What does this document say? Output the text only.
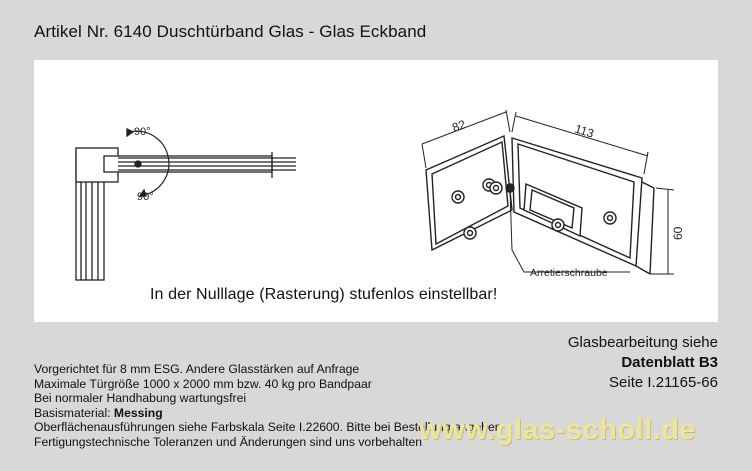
Artikel Nr. 6140 Duschtürband Glas - Glas Eckband
90°
90°
82	113
60
Arretierschraube
In der Nulllage (Rasterung) stufenlos einstellbar!
Glasbearbeitung siehe
Datenblatt B3
Seite I.21165-66
Vorgerichtet für 8 mm ESG. Andere Glasstärken auf Anfrage
Maximale Türgröße 1000 x 2000 mm bzw. 40 kg pro Bandpaar
Bei normaler Handhabung wartungsfrei
Basismaterial: Messing
Oberflächenausführungen siehe Farbskala Seite I.22600. Bitte bei Bestellung angeben
Fertigungstechnische Toleranzen und Änderungen sind uns vorbehalten
www.glas-scholl.de
